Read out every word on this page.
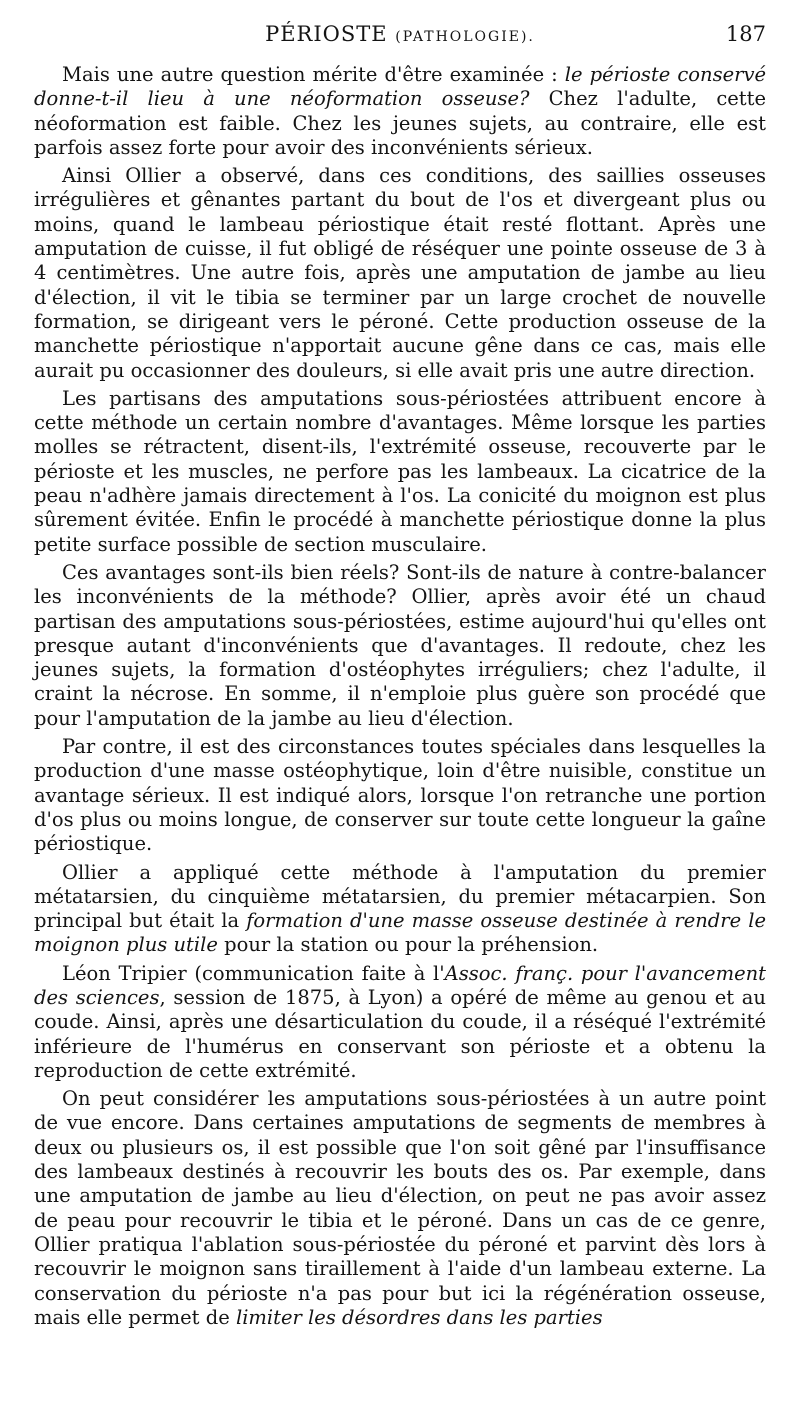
PÉRIOSTE (PATHOLOGIE).	187

Mais une autre question mérite d'être examinée : le périoste conservé donne-t-il lieu à une néoformation osseuse? Chez l'adulte, cette néoformation est faible. Chez les jeunes sujets, au contraire, elle est parfois assez forte pour avoir des inconvénients sérieux.

Ainsi Ollier a observé, dans ces conditions, des saillies osseuses irrégulières et gênantes partant du bout de l'os et divergeant plus ou moins, quand le lambeau périostique était resté flottant. Après une amputation de cuisse, il fut obligé de réséquer une pointe osseuse de 3 à 4 centimètres. Une autre fois, après une amputation de jambe au lieu d'élection, il vit le tibia se terminer par un large crochet de nouvelle formation, se dirigeant vers le péroné. Cette production osseuse de la manchette périostique n'apportait aucune gêne dans ce cas, mais elle aurait pu occasionner des douleurs, si elle avait pris une autre direction.

Les partisans des amputations sous-périostées attribuent encore à cette méthode un certain nombre d'avantages. Même lorsque les parties molles se rétractent, disent-ils, l'extrémité osseuse, recouverte par le périoste et les muscles, ne perfore pas les lambeaux. La cicatrice de la peau n'adhère jamais directement à l'os. La conicité du moignon est plus sûrement évitée. Enfin le procédé à manchette périostique donne la plus petite surface possible de section musculaire.

Ces avantages sont-ils bien réels? Sont-ils de nature à contre-balancer les inconvénients de la méthode? Ollier, après avoir été un chaud partisan des amputations sous-périostées, estime aujourd'hui qu'elles ont presque autant d'inconvénients que d'avantages. Il redoute, chez les jeunes sujets, la formation d'ostéophytes irréguliers; chez l'adulte, il craint la nécrose. En somme, il n'emploie plus guère son procédé que pour l'amputation de la jambe au lieu d'élection.

Par contre, il est des circonstances toutes spéciales dans lesquelles la production d'une masse ostéophytique, loin d'être nuisible, constitue un avantage sérieux. Il est indiqué alors, lorsque l'on retranche une portion d'os plus ou moins longue, de conserver sur toute cette longueur la gaîne périostique.

Ollier a appliqué cette méthode à l'amputation du premier métatarsien, du cinquième métatarsien, du premier métacarpien. Son principal but était la formation d'une masse osseuse destinée à rendre le moignon plus utile pour la station ou pour la préhension.

Léon Tripier (communication faite à l'Assoc. franç. pour l'avancement des sciences, session de 1875, à Lyon) a opéré de même au genou et au coude. Ainsi, après une désarticulation du coude, il a réséqué l'extrémité inférieure de l'humérus en conservant son périoste et a obtenu la reproduction de cette extrémité.

On peut considérer les amputations sous-périostées à un autre point de vue encore. Dans certaines amputations de segments de membres à deux ou plusieurs os, il est possible que l'on soit gêné par l'insuffisance des lambeaux destinés à recouvrir les bouts des os. Par exemple, dans une amputation de jambe au lieu d'élection, on peut ne pas avoir assez de peau pour recouvrir le tibia et le péroné. Dans un cas de ce genre, Ollier pratiqua l'ablation sous-périostée du péroné et parvint dès lors à recouvrir le moignon sans tiraillement à l'aide d'un lambeau externe. La conservation du périoste n'a pas pour but ici la régénération osseuse, mais elle permet de limiter les désordres dans les parties
